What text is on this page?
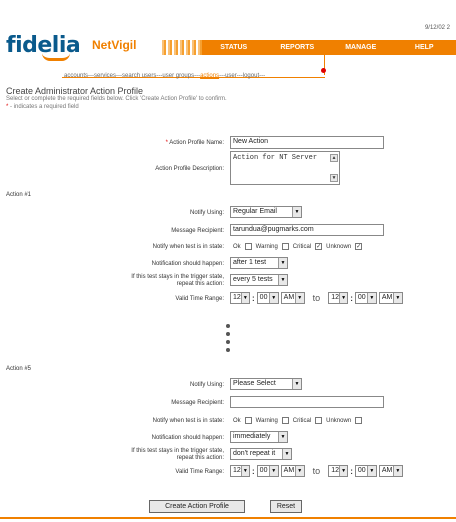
9/12/02 2
fidelia NetVigil	STATUS	REPORTS	MANAGE	HELP
accounts---services---search users---user groups---actions---user---logout---
Create Administrator Action Profile
Select or complete the required fields below. Click 'Create Action Profile' to confirm.
* - indicates a required field
* Action Profile Name:	New Action
Action Profile Description:
Action for NT Server	▲
▼
Action #1
Notify Using: Regular Email	▼
Message Recipient:	tarundua@pugmarks.com
Notify when test is in state: Ok	Warning	Critical ✓ Unknown ✓
Notification should happen: after 1 test	▼
If this test stays in the trigger state,
repeat this action:
every 5 tests	▼
Valid Time Range: 12 ▼ : 00 ▼ AM ▼ to 12 ▼ : 00 ▼ AM ▼
Action #5
Notify Using: Please Select	▼
Message Recipient:
Notify when test is in state: Ok	Warning	Critical	Unknown
Notification should happen: immediately	▼
If this test stays in the trigger state,
repeat this action:
don't repeat it	▼
Valid Time Range: 12 ▼ : 00 ▼ AM ▼ to 12 ▼ : 00 ▼ AM ▼
Create Action Profile	Reset
